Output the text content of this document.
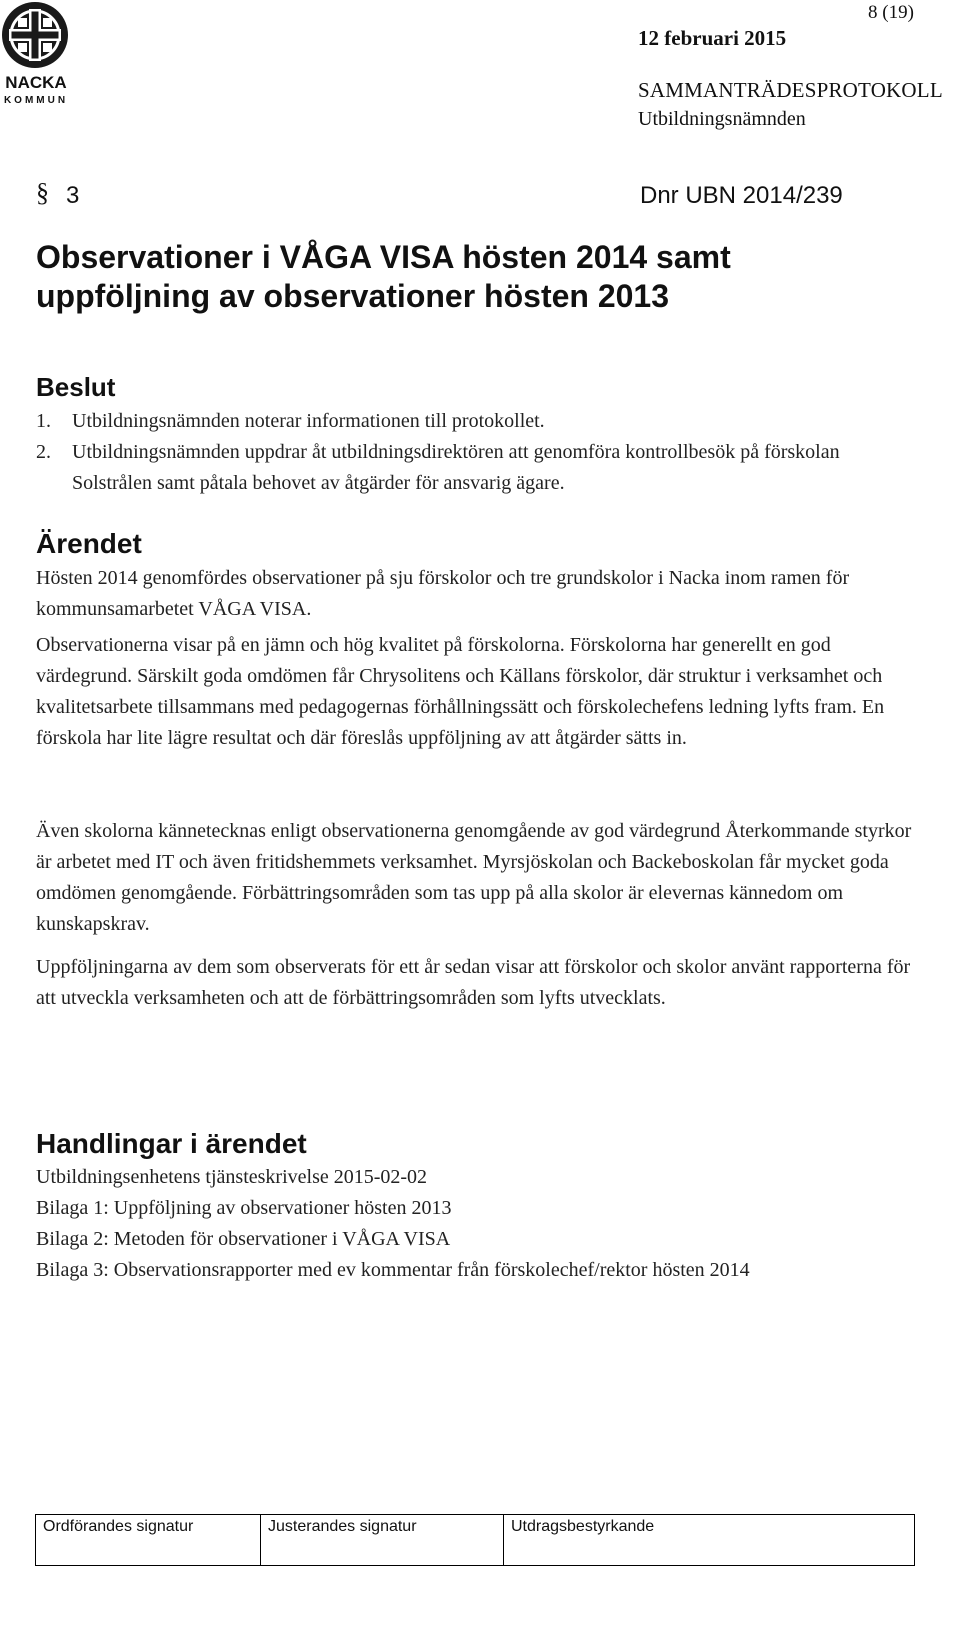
NACKA
KOMMUN
8 (19)
12 februari 2015
SAMMANTRÄDESPROTOKOLL
Utbildningsnämnden
§ 3	Dnr UBN 2014/239
Observationer i VÅGA VISA hösten 2014 samt uppföljning av observationer hösten 2013
Beslut
1. Utbildningsnämnden noterar informationen till protokollet.
2. Utbildningsnämnden uppdrar åt utbildningsdirektören att genomföra kontrollbesök på förskolan Solstrålen samt påtala behovet av åtgärder för ansvarig ägare.
Ärendet

Hösten 2014 genomfördes observationer på sju förskolor och tre grundskolor i Nacka inom ramen för kommunsamarbetet VÅGA VISA.

Observationerna visar på en jämn och hög kvalitet på förskolorna. Förskolorna har generellt en god värdegrund. Särskilt goda omdömen får Chrysolitens och Källans förskolor, där struktur i verksamhet och kvalitetsarbete tillsammans med pedagogernas förhållningssätt och förskolechefens ledning lyfts fram. En förskola har lite lägre resultat och där föreslås uppföljning av att åtgärder sätts in.

Även skolorna kännetecknas enligt observationerna genomgående av god värdegrund Återkommande styrkor är arbetet med IT och även fritidshemmets verksamhet. Myrsjöskolan och Backeboskolan får mycket goda omdömen genomgående. Förbättringsområden som tas upp på alla skolor är elevernas kännedom om kunskapskrav.

Uppföljningarna av dem som observerats för ett år sedan visar att förskolor och skolor använt rapporterna för att utveckla verksamheten och att de förbättringsområden som lyfts utvecklats.

Handlingar i ärendet
Utbildningsenhetens tjänsteskrivelse 2015-02-02
Bilaga 1: Uppföljning av observationer hösten 2013
Bilaga 2: Metoden för observationer i VÅGA VISA
Bilaga 3: Observationsrapporter med ev kommentar från förskolechef/rektor hösten 2014
Ordförandes signatur	Justerandes signatur	Utdragsbestyrkande
